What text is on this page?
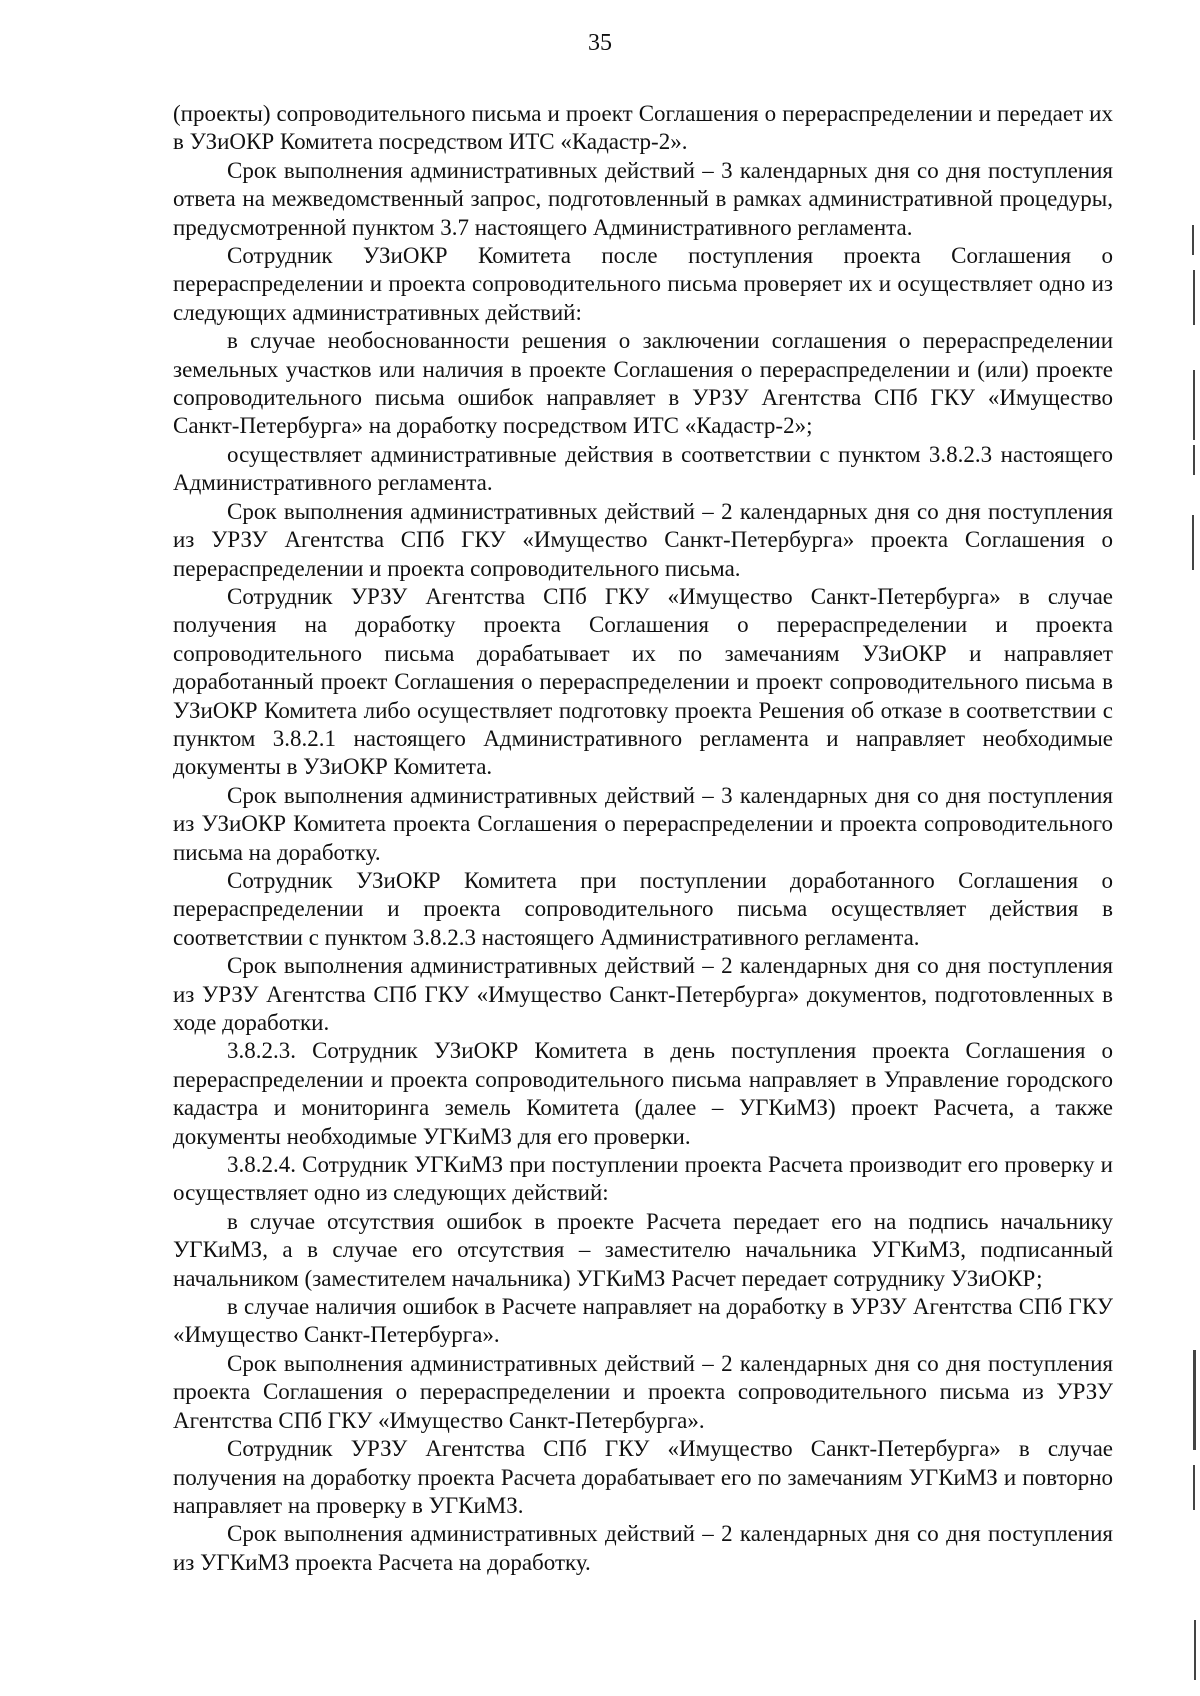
35

(проекты) сопроводительного письма и проект Соглашения о перераспределении и передает их в УЗиОКР Комитета посредством ИТС «Кадастр-2».

Срок выполнения административных действий – 3 календарных дня со дня поступления ответа на межведомственный запрос, подготовленный в рамках административной процедуры, предусмотренной пунктом 3.7 настоящего Административного регламента.

Сотрудник УЗиОКР Комитета после поступления проекта Соглашения о перераспределении и проекта сопроводительного письма проверяет их и осуществляет одно из следующих административных действий:

в случае необоснованности решения о заключении соглашения о перераспределении земельных участков или наличия в проекте Соглашения о перераспределении и (или) проекте сопроводительного письма ошибок направляет в УРЗУ Агентства СПб ГКУ «Имущество Санкт-Петербурга» на доработку посредством ИТС «Кадастр-2»;

осуществляет административные действия в соответствии с пунктом 3.8.2.3 настоящего Административного регламента.

Срок выполнения административных действий – 2 календарных дня со дня поступления из УРЗУ Агентства СПб ГКУ «Имущество Санкт-Петербурга» проекта Соглашения о перераспределении и проекта сопроводительного письма.

Сотрудник УРЗУ Агентства СПб ГКУ «Имущество Санкт-Петербурга» в случае получения на доработку проекта Соглашения о перераспределении и проекта сопроводительного письма дорабатывает их по замечаниям УЗиОКР и направляет доработанный проект Соглашения о перераспределении и проект сопроводительного письма в УЗиОКР Комитета либо осуществляет подготовку проекта Решения об отказе в соответствии с пунктом 3.8.2.1 настоящего Административного регламента и направляет необходимые документы в УЗиОКР Комитета.

Срок выполнения административных действий – 3 календарных дня со дня поступления из УЗиОКР Комитета проекта Соглашения о перераспределении и проекта сопроводительного письма на доработку.

Сотрудник УЗиОКР Комитета при поступлении доработанного Соглашения о перераспределении и проекта сопроводительного письма осуществляет действия в соответствии с пунктом 3.8.2.3 настоящего Административного регламента.

Срок выполнения административных действий – 2 календарных дня со дня поступления из УРЗУ Агентства СПб ГКУ «Имущество Санкт-Петербурга» документов, подготовленных в ходе доработки.

3.8.2.3. Сотрудник УЗиОКР Комитета в день поступления проекта Соглашения о перераспределении и проекта сопроводительного письма направляет в Управление городского кадастра и мониторинга земель Комитета (далее – УГКиМЗ) проект Расчета, а также документы необходимые УГКиМЗ для его проверки.

3.8.2.4. Сотрудник УГКиМЗ при поступлении проекта Расчета производит его проверку и осуществляет одно из следующих действий:

в случае отсутствия ошибок в проекте Расчета передает его на подпись начальнику УГКиМЗ, а в случае его отсутствия – заместителю начальника УГКиМЗ, подписанный начальником (заместителем начальника) УГКиМЗ Расчет передает сотруднику УЗиОКР;

в случае наличия ошибок в Расчете направляет на доработку в УРЗУ Агентства СПб ГКУ «Имущество Санкт-Петербурга».

Срок выполнения административных действий – 2 календарных дня со дня поступления проекта Соглашения о перераспределении и проекта сопроводительного письма из УРЗУ Агентства СПб ГКУ «Имущество Санкт-Петербурга».

Сотрудник УРЗУ Агентства СПб ГКУ «Имущество Санкт-Петербурга» в случае получения на доработку проекта Расчета дорабатывает его по замечаниям УГКиМЗ и повторно направляет на проверку в УГКиМЗ.

Срок выполнения административных действий – 2 календарных дня со дня поступления из УГКиМЗ проекта Расчета на доработку.
